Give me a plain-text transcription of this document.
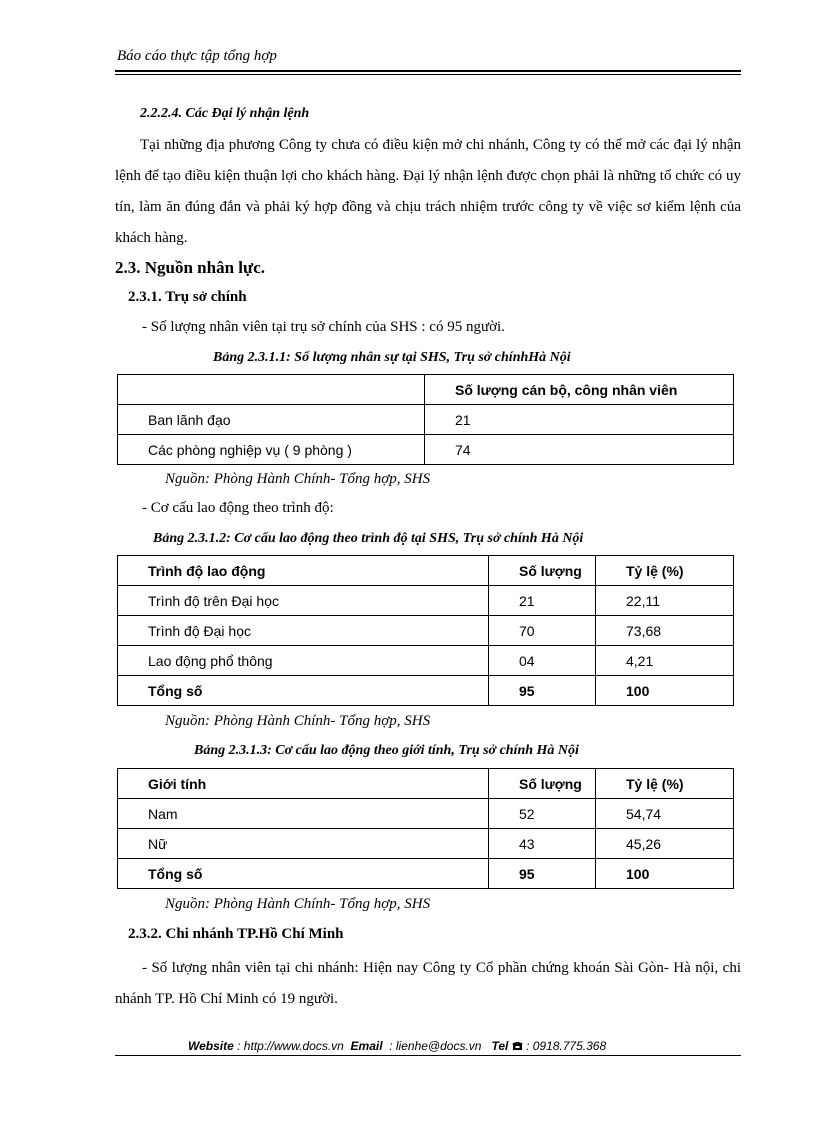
Báo cáo thực tập tổng hợp
2.2.2.4. Các Đại lý nhận lệnh
Tại những địa phương Công ty chưa có điều kiện mở chi nhánh, Công ty có thể mở các đại lý nhận lệnh để tạo điều kiện thuận lợi cho khách hàng. Đại lý nhận lệnh được chọn phải là những tổ chức có uy tín, làm ăn đúng đắn và phải ký hợp đồng và chịu trách nhiệm trước công ty về việc sơ kiểm lệnh của khách hàng.
2.3. Nguồn nhân lực.
2.3.1. Trụ sở chính
- Số lượng nhân viên tại trụ sở chính của SHS : có 95 người.
Bảng 2.3.1.1: Số lượng nhân sự tại SHS, Trụ sở chínhHà Nội
	Số lượng cán bộ, công nhân viên
Ban lãnh đạo	21
Các phòng nghiệp vụ ( 9 phòng )	74
Nguồn: Phòng Hành Chính- Tổng hợp, SHS
- Cơ cấu lao động theo trình độ:
Bảng 2.3.1.2: Cơ cấu lao động theo trình độ tại SHS, Trụ sở chính Hà Nội
Trình độ lao động	Số lượng	Tỷ lệ (%)
Trình độ trên Đại học	21	22,11
Trình độ Đại học	70	73,68
Lao động phổ thông	04	4,21
Tổng số	95	100
Nguồn: Phòng Hành Chính- Tổng hợp, SHS
Bảng 2.3.1.3: Cơ cấu lao động theo giới tính, Trụ sở chính Hà Nội
Giới tính	Số lượng	Tỷ lệ (%)
Nam	52	54,74
Nữ	43	45,26
Tổng số	95	100
Nguồn: Phòng Hành Chính- Tổng hợp, SHS
2.3.2. Chi nhánh TP.Hồ Chí Minh
- Số lượng nhân viên tại chi nhánh: Hiện nay Công ty Cổ phần chứng khoán Sài Gòn- Hà nội, chi nhánh TP. Hồ Chí Minh có 19 người.
Website : http://www.docs.vn Email : lienhe@docs.vn Tel : 0918.775.368
